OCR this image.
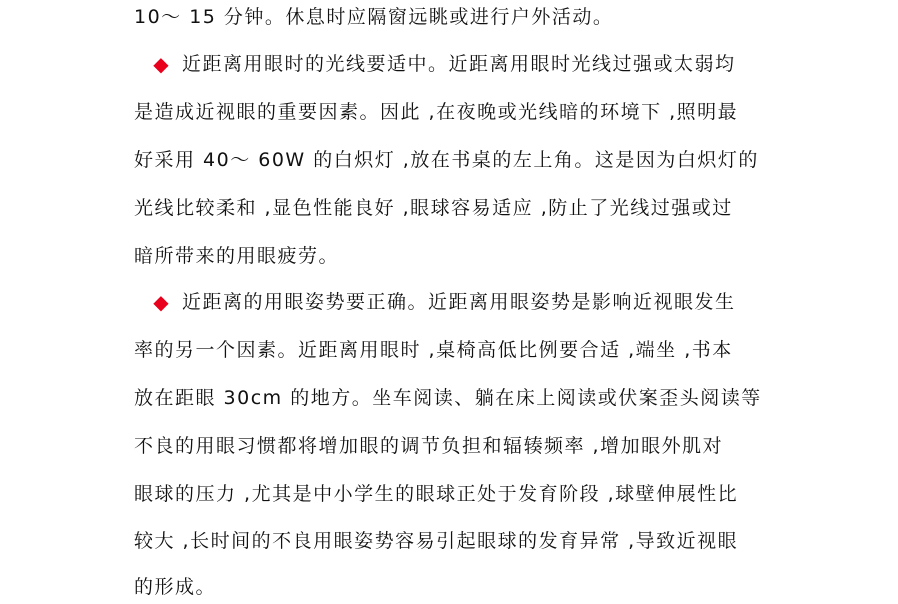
10～ 15 分钟。休息时应隔窗远眺或进行户外活动。
◆ 近距离用眼时的光线要适中。近距离用眼时光线过强或太弱均
是造成近视眼的重要因素。因此 ,在夜晚或光线暗的环境下 ,照明最
好采用 40～ 60W 的白炽灯 ,放在书桌的左上角。这是因为白炽灯的
光线比较柔和 ,显色性能良好 ,眼球容易适应 ,防止了光线过强或过
暗所带来的用眼疲劳。
◆ 近距离的用眼姿势要正确。近距离用眼姿势是影响近视眼发生
率的另一个因素。近距离用眼时 ,桌椅高低比例要合适 ,端坐 ,书本
放在距眼 30cm 的地方。坐车阅读、躺在床上阅读或伏案歪头阅读等
不良的用眼习惯都将增加眼的调节负担和辐辏频率 ,增加眼外肌对
眼球的压力 ,尤其是中小学生的眼球正处于发育阶段 ,球壁伸展性比
较大 ,长时间的不良用眼姿势容易引起眼球的发育异常 ,导致近视眼
的形成。
